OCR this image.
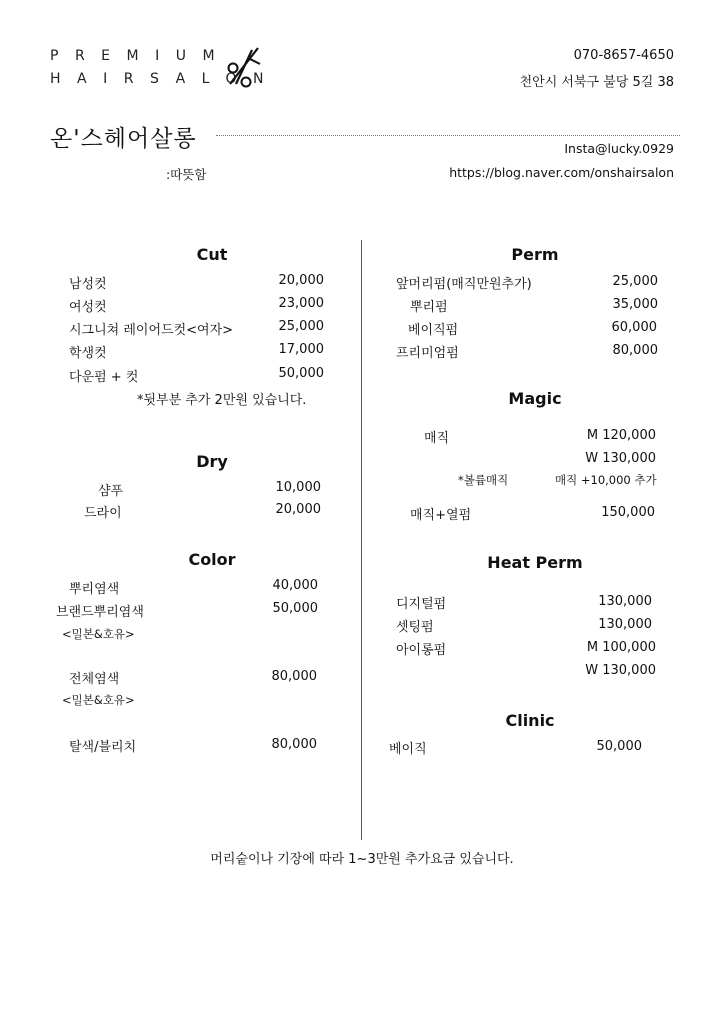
PREMIUM
HAIRSALON
070-8657-4650
천안시 서북구 불당 5길 38
온'스헤어살롱	Insta@lucky.0929
:따뜻함	https://blog.naver.com/onshairsalon
Cut
남성컷	20,000
여성컷	23,000
시그니쳐 레이어드컷<여자>	25,000
학생컷	17,000
다운펌 + 컷	50,000
*뒷부분 추가 2만원 있습니다.
Dry
샴푸	10,000
드라이	20,000
Color
뿌리염색	40,000
브랜드뿌리염색	50,000
<밀본&호유>
전체염색	80,000
<밀본&호유>
탈색/블리치	80,000
Perm
앞머리펌(매직만원추가)	25,000
뿌리펌	35,000
베이직펌	60,000
프리미엄펌	80,000
Magic
매직	M 120,000
W 130,000
*볼륨매직	매직 +10,000 추가
매직+열펌	150,000
Heat Perm
디지털펌	130,000
셋팅펌	130,000
아이롱펌	M 100,000
W 130,000
Clinic
베이직	50,000
머리숱이나 기장에 따라 1~3만원 추가요금 있습니다.
